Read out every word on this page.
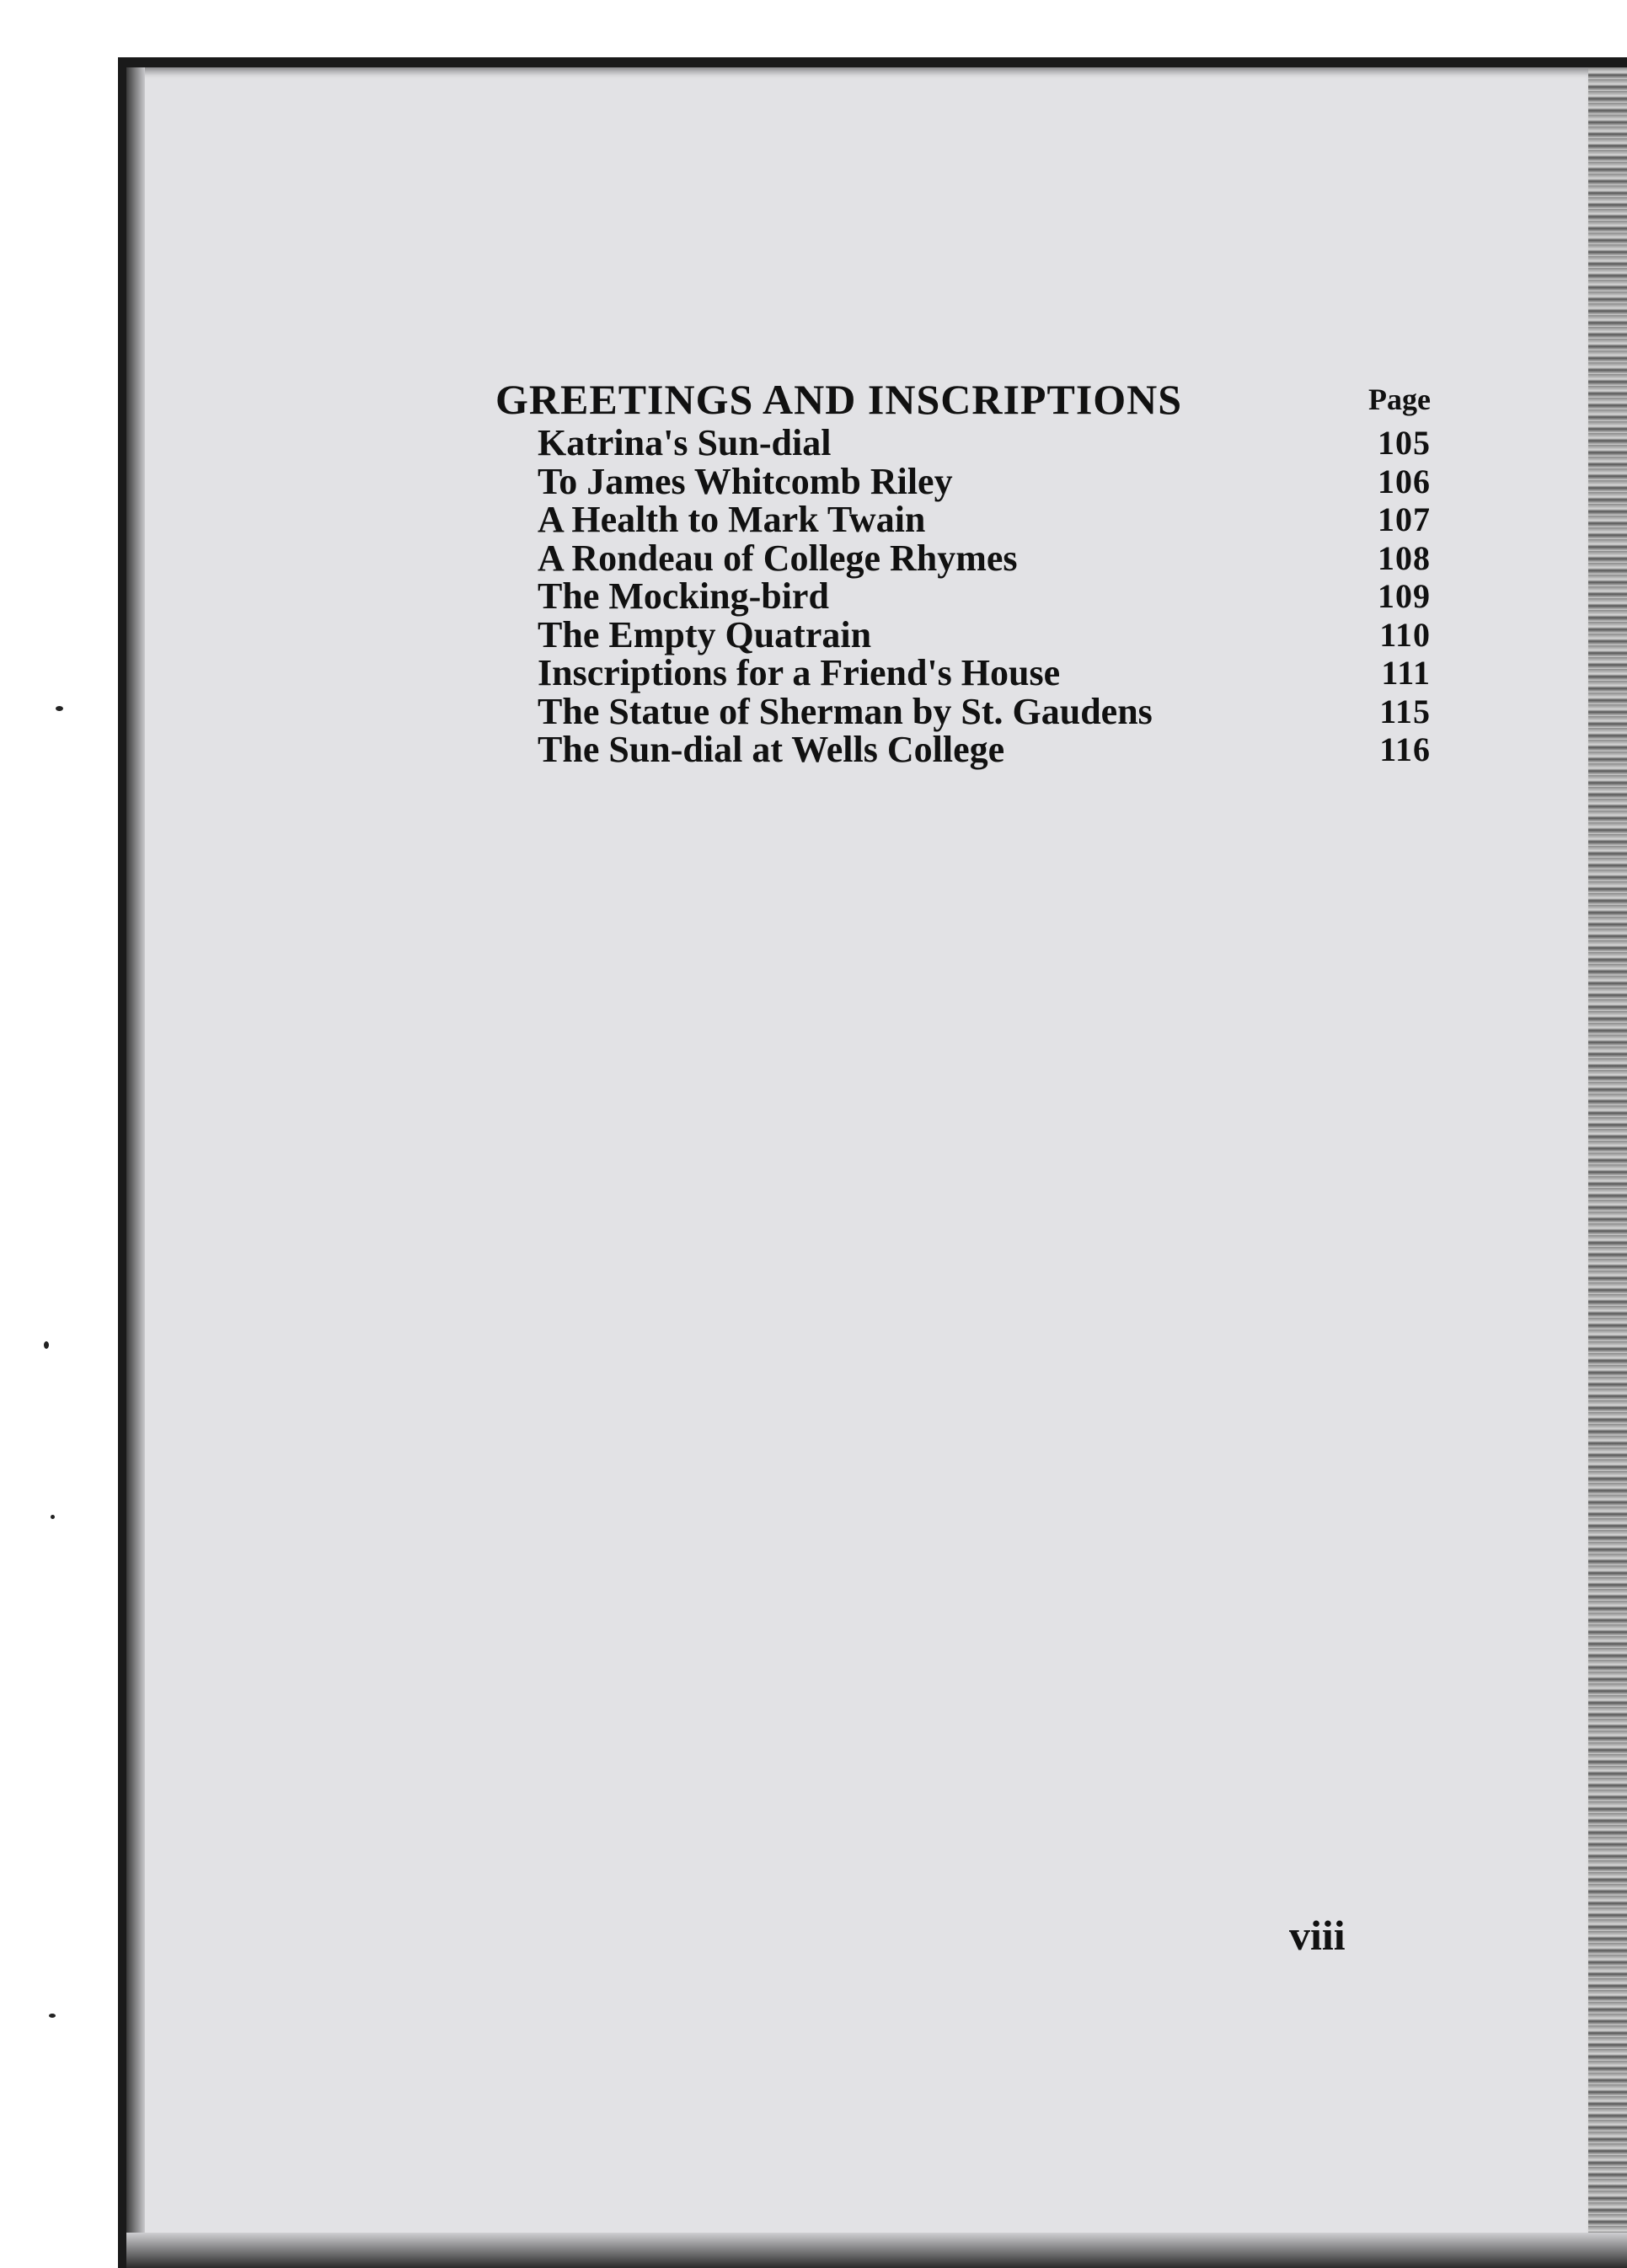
GREETINGS AND INSCRIPTIONS	Page
Katrina's Sun-dial	105
To James Whitcomb Riley	106
A Health to Mark Twain	107
A Rondeau of College Rhymes	108
The Mocking-bird	109
The Empty Quatrain	110
Inscriptions for a Friend's House	111
The Statue of Sherman by St. Gaudens	115
The Sun-dial at Wells College	116
viii
